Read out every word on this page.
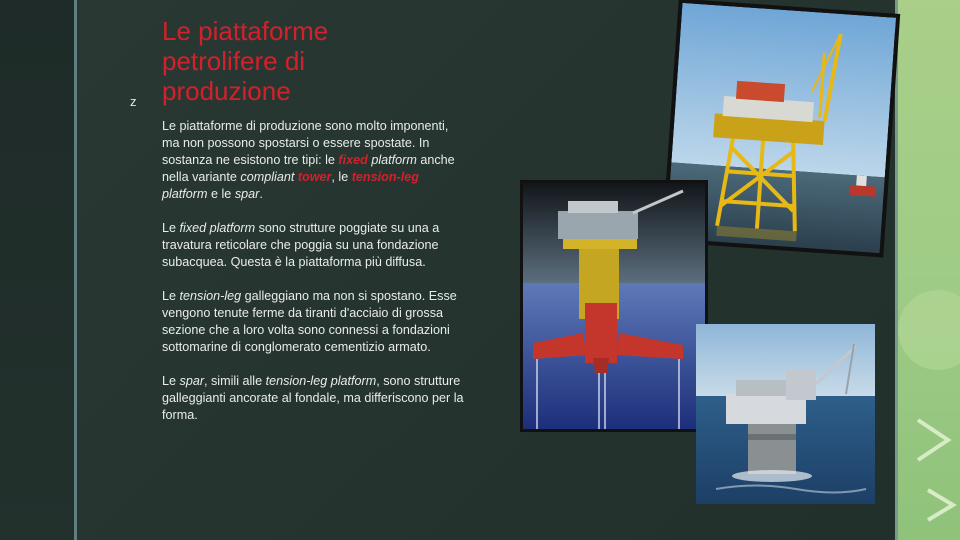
ᴢ
Le piattaforme
petrolifere di
produzione

Le piattaforme di produzione sono molto imponenti, ma non possono spostarsi o essere spostate. In sostanza ne esistono tre tipi: le fixed platform anche nella variante compliant tower, le tension-leg platform e le spar.

Le fixed platform sono strutture poggiate su una a travatura reticolare che poggia su una fondazione subacquea. Questa è la piattaforma più diffusa.

Le tension-leg galleggiano ma non si spostano. Esse vengono tenute ferme da tiranti d'acciaio di grossa sezione che a loro volta sono connessi a fondazioni sottomarine di conglomerato cementizio armato.

Le spar, simili alle tension-leg platform, sono strutture galleggianti ancorate al fondale, ma differiscono per la forma.
